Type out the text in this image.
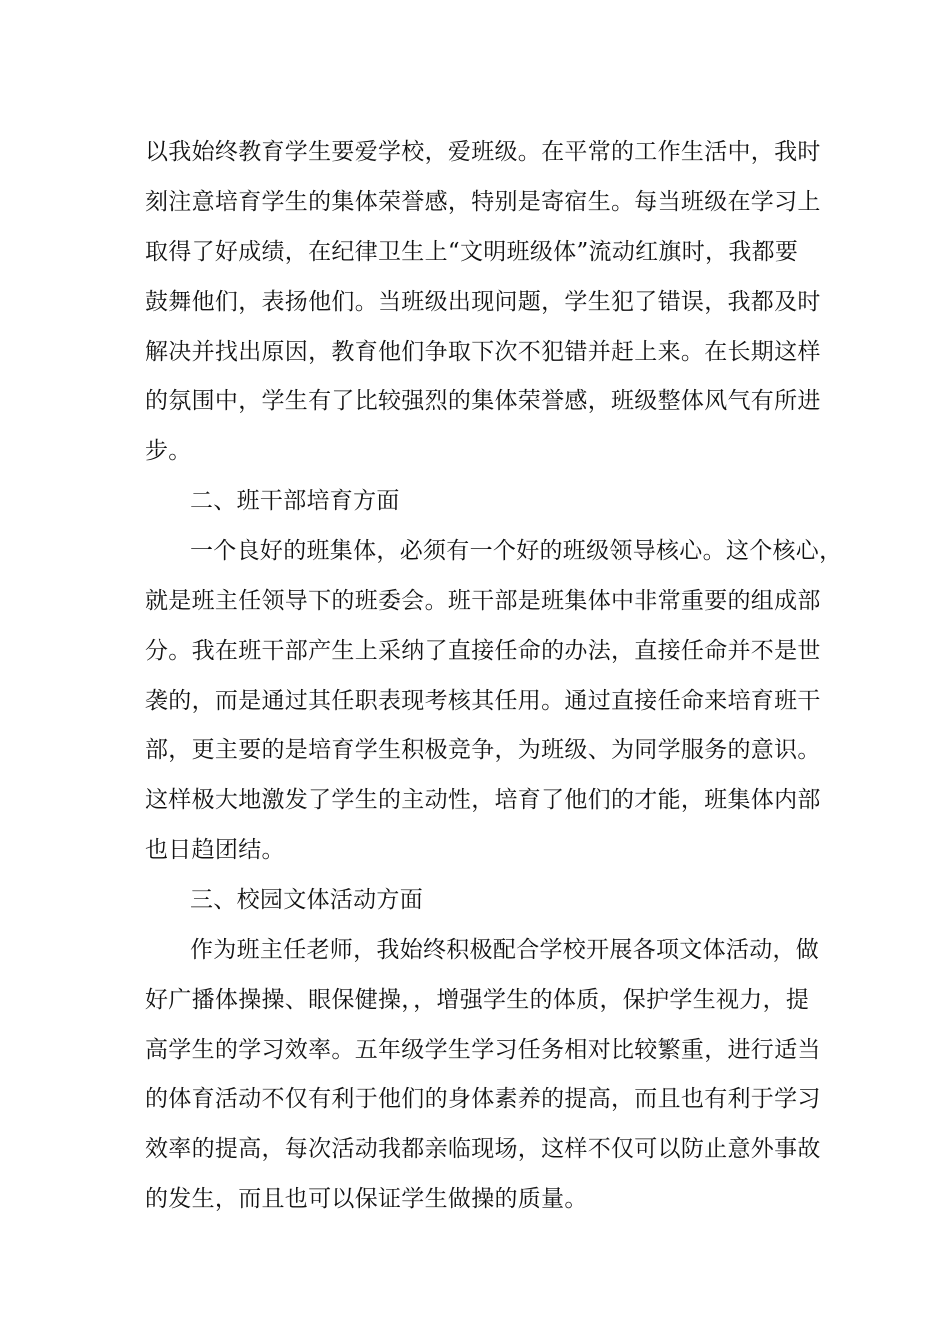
以我始终教育学生要爱学校，爱班级。在平常的工作生活中，我时
刻注意培育学生的集体荣誉感，特别是寄宿生。每当班级在学习上
取得了好成绩，在纪律卫生上“文明班级体”流动红旗时，我都要
鼓舞他们，表扬他们。当班级出现问题，学生犯了错误，我都及时
解决并找出原因，教育他们争取下次不犯错并赶上来。在长期这样
的氛围中，学生有了比较强烈的集体荣誉感，班级整体风气有所进
步。
二、班干部培育方面
一个良好的班集体，必须有一个好的班级领导核心。这个核心，
就是班主任领导下的班委会。班干部是班集体中非常重要的组成部
分。我在班干部产生上采纳了直接任命的办法，直接任命并不是世
袭的，而是通过其任职表现考核其任用。通过直接任命来培育班干
部，更主要的是培育学生积极竞争，为班级、为同学服务的意识。
这样极大地激发了学生的主动性，培育了他们的才能，班集体内部
也日趋团结。
三、校园文体活动方面
作为班主任老师，我始终积极配合学校开展各项文体活动，做
好广播体操操、眼保健操，，增强学生的体质，保护学生视力，提
高学生的学习效率。五年级学生学习任务相对比较繁重，进行适当
的体育活动不仅有利于他们的身体素养的提高，而且也有利于学习
效率的提高，每次活动我都亲临现场，这样不仅可以防止意外事故
的发生，而且也可以保证学生做操的质量。
